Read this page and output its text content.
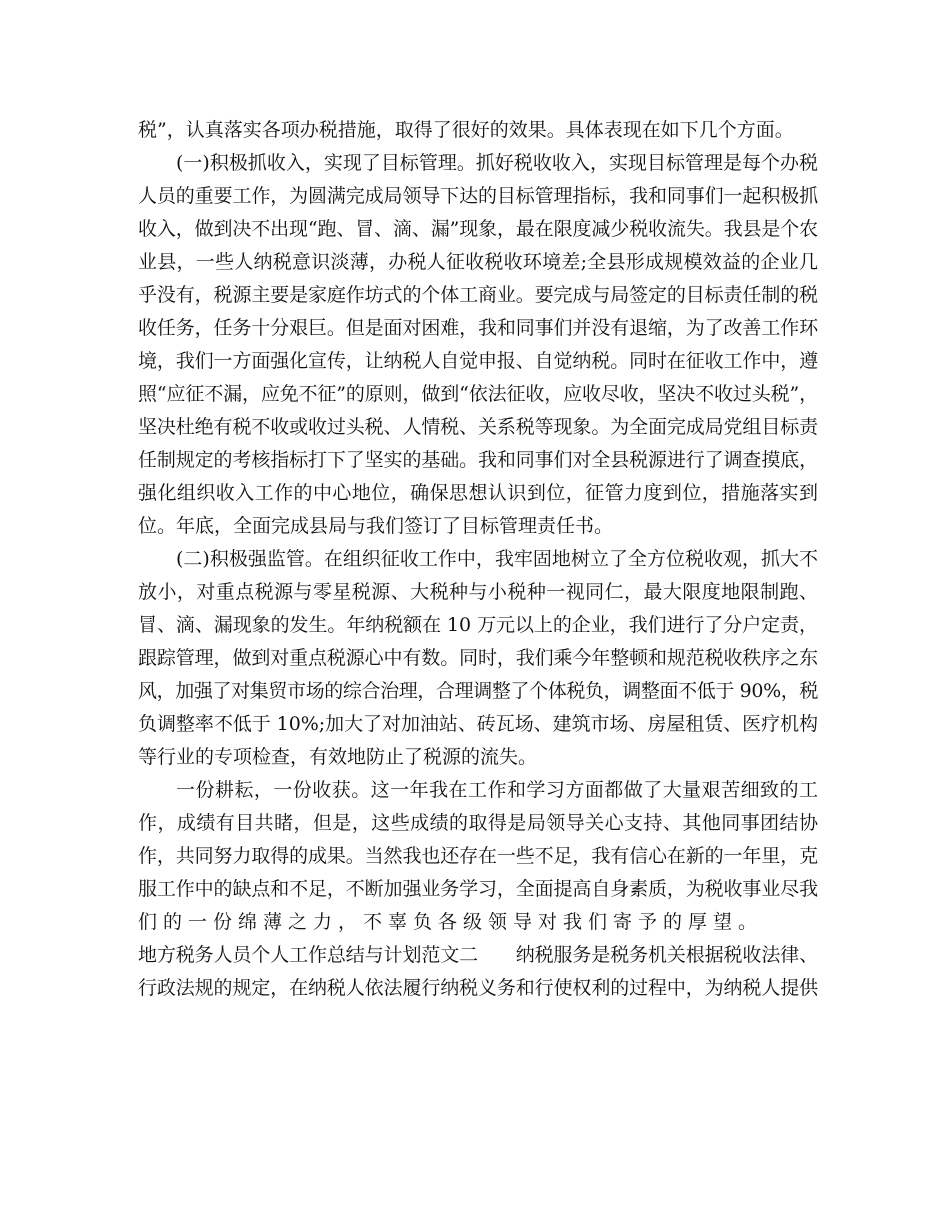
税”，认真落实各项办税措施，取得了很好的效果。具体表现在如下几个方面。
(一)积极抓收入，实现了目标管理。抓好税收收入，实现目标管理是每个办税
人员的重要工作，为圆满完成局领导下达的目标管理指标，我和同事们一起积极抓
收入，做到决不出现“跑、冒、滴、漏”现象，最在限度减少税收流失。我县是个农
业县，一些人纳税意识淡薄，办税人征收税收环境差;全县形成规模效益的企业几
乎没有，税源主要是家庭作坊式的个体工商业。要完成与局签定的目标责任制的税
收任务，任务十分艰巨。但是面对困难，我和同事们并没有退缩，为了改善工作环
境，我们一方面强化宣传，让纳税人自觉申报、自觉纳税。同时在征收工作中，遵
照“应征不漏，应免不征”的原则，做到“依法征收，应收尽收，坚决不收过头税”，
坚决杜绝有税不收或收过头税、人情税、关系税等现象。为全面完成局党组目标责
任制规定的考核指标打下了坚实的基础。我和同事们对全县税源进行了调查摸底，
强化组织收入工作的中心地位，确保思想认识到位，征管力度到位，措施落实到
位。年底，全面完成县局与我们签订了目标管理责任书。
(二)积极强监管。在组织征收工作中，我牢固地树立了全方位税收观，抓大不
放小，对重点税源与零星税源、大税种与小税种一视同仁，最大限度地限制跑、
冒、滴、漏现象的发生。年纳税额在 10 万元以上的企业，我们进行了分户定责，
跟踪管理，做到对重点税源心中有数。同时，我们乘今年整顿和规范税收秩序之东
风，加强了对集贸市场的综合治理，合理调整了个体税负，调整面不低于 90%，税
负调整率不低于 10%;加大了对加油站、砖瓦场、建筑市场、房屋租赁、医疗机构
等行业的专项检查，有效地防止了税源的流失。
一份耕耘，一份收获。这一年我在工作和学习方面都做了大量艰苦细致的工
作，成绩有目共睹，但是，这些成绩的取得是局领导关心支持、其他同事团结协
作，共同努力取得的成果。当然我也还存在一些不足，我有信心在新的一年里，克
服工作中的缺点和不足，不断加强业务学习，全面提高自身素质，为税收事业尽我
们的一份绵薄之力，不辜负各级领导对我们寄予的厚望。
地方税务人员个人工作总结与计划范文二　　纳税服务是税务机关根据税收法律、
行政法规的规定，在纳税人依法履行纳税义务和行使权利的过程中，为纳税人提供
